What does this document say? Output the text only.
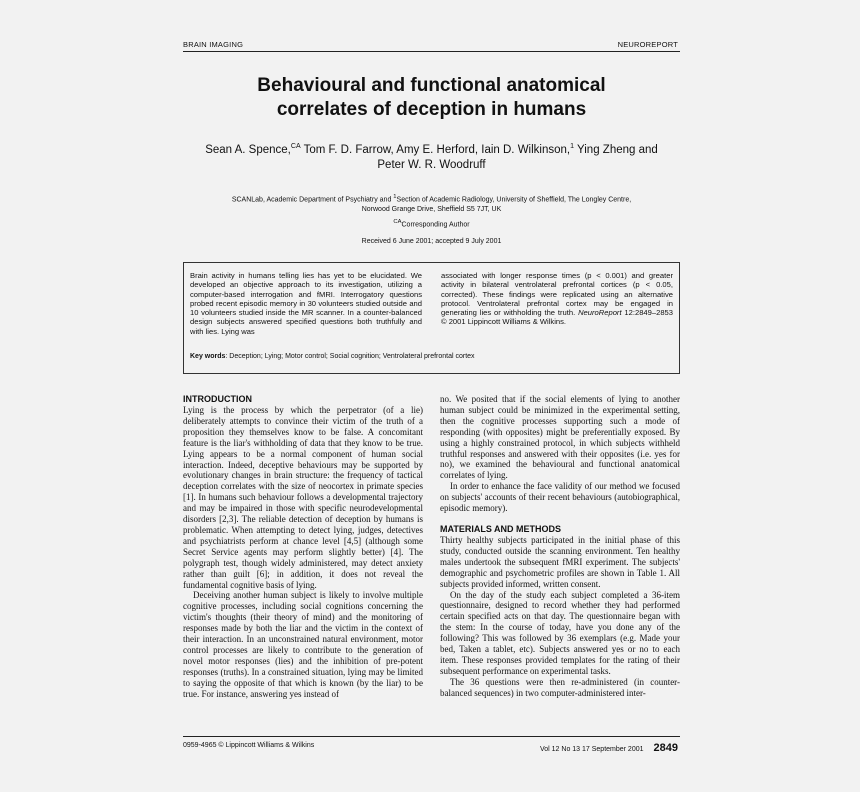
BRAIN IMAGING	NEUROREPORT
Behavioural and functional anatomical
correlates of deception in humans
Sean A. Spence,$^{CA}$ Tom F. D. Farrow, Amy E. Herford, Iain D. Wilkinson,$^1$ Ying Zheng and
Peter W. R. Woodruff
SCANLab, Academic Department of Psychiatry and $^1$Section of Academic Radiology, University of Sheffield, The Longley Centre,
Norwood Grange Drive, Sheffield S5 7JT, UK
$^{CA}$Corresponding Author
Received 6 June 2001; accepted 9 July 2001
Brain activity in humans telling lies has yet to be elucidated. We developed an objective approach to its investigation, utilizing a computer-based interrogation and fMRI. Interrogatory questions probed recent episodic memory in 30 volunteers studied outside and 10 volunteers studied inside the MR scanner. In a counter-balanced design subjects answered specified questions both truthfully and with lies. Lying was
associated with longer response times (p < 0.001) and greater activity in bilateral ventrolateral prefrontal cortices (p < 0.05, corrected). These findings were replicated using an alternative protocol. Ventrolateral prefrontal cortex may be engaged in generating lies or withholding the truth. NeuroReport 12:2849–2853 © 2001 Lippincott Williams & Wilkins.
Key words: Deception; Lying; Motor control; Social cognition; Ventrolateral prefrontal cortex
INTRODUCTION

Lying is the process by which the perpetrator (of a lie) deliberately attempts to convince their victim of the truth of a proposition they themselves know to be false. A concomitant feature is the liar's withholding of data that they know to be true. Lying appears to be a normal component of human social interaction. Indeed, deceptive behaviours may be supported by evolutionary changes in brain structure: the frequency of tactical deception correlates with the size of neocortex in primate species [1]. In humans such behaviour follows a developmental trajectory and may be impaired in those with specific neurodevelopmental disorders [2,3]. The reliable detection of deception by humans is problematic. When attempting to detect lying, judges, detectives and psychiatrists perform at chance level [4,5] (although some Secret Service agents may perform slightly better) [4]. The polygraph test, though widely administered, may detect anxiety rather than guilt [6]; in addition, it does not reveal the fundamental cognitive basis of lying.

Deceiving another human subject is likely to involve multiple cognitive processes, including social cognitions concerning the victim's thoughts (their theory of mind) and the monitoring of responses made by both the liar and the victim in the context of their interaction. In an unconstrained natural environment, motor control processes are likely to contribute to the generation of novel motor responses (lies) and the inhibition of pre-potent responses (truths). In a constrained situation, lying may be limited to saying the opposite of that which is known (by the liar) to be true. For instance, answering yes instead of

no. We posited that if the social elements of lying to another human subject could be minimized in the experimental setting, then the cognitive processes supporting such a mode of responding (with opposites) might be preferentially exposed. By using a highly constrained protocol, in which subjects withheld truthful responses and answered with their opposites (i.e. yes for no), we examined the behavioural and functional anatomical correlates of lying.

In order to enhance the face validity of our method we focused on subjects' accounts of their recent behaviours (autobiographical, episodic memory).

MATERIALS AND METHODS

Thirty healthy subjects participated in the initial phase of this study, conducted outside the scanning environment. Ten healthy males undertook the subsequent fMRI experiment. The subjects' demographic and psychometric profiles are shown in Table 1. All subjects provided informed, written consent.

On the day of the study each subject completed a 36-item questionnaire, designed to record whether they had performed certain specified acts on that day. The questionnaire began with the stem: In the course of today, have you done any of the following? This was followed by 36 exemplars (e.g. Made your bed, Taken a tablet, etc). Subjects answered yes or no to each item. These responses provided templates for the rating of their subsequent performance on experimental tasks.

The 36 questions were then re-administered (in counter-balanced sequences) in two computer-administered inter-

0959-4965 © Lippincott Williams & Wilkins
Vol 12 No 13 17 September 2001 2849
